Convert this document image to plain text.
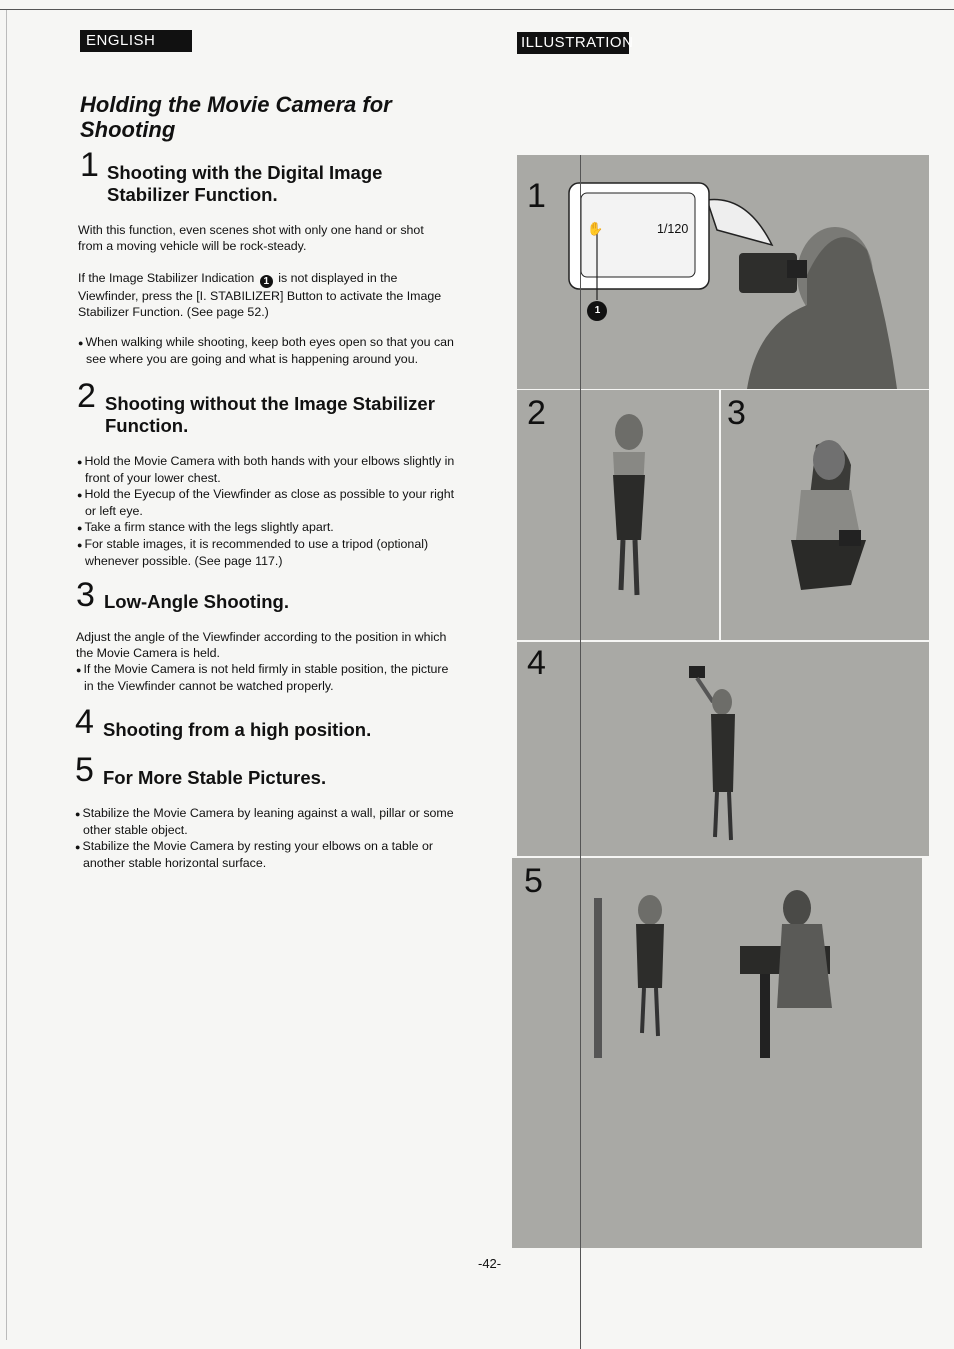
ENGLISH	ILLUSTRATION
Holding the Movie Camera for
Shooting
1 Shooting with the Digital Image
Stabilizer Function.
With this function, even scenes shot with only one hand or shot from a moving vehicle will be rock-steady.
If the Image Stabilizer Indication 1 is not displayed in the Viewfinder, press the [I. STABILIZER] Button to activate the Image Stabilizer Function. (See page 52.)
● When walking while shooting, keep both eyes open so that you can see where you are going and what is happening around you.
2 Shooting without the Image Stabilizer
Function.
● Hold the Movie Camera with both hands with your elbows slightly in front of your lower chest.
● Hold the Eyecup of the Viewfinder as close as possible to your right or left eye.
● Take a firm stance with the legs slightly apart.
● For stable images, it is recommended to use a tripod (optional) whenever possible. (See page 117.)
3 Low-Angle Shooting.
Adjust the angle of the Viewfinder according to the position in which the Movie Camera is held.
● If the Movie Camera is not held firmly in stable position, the picture in the Viewfinder cannot be watched properly.
4 Shooting from a high position.
5 For More Stable Pictures.
● Stabilize the Movie Camera by leaning against a wall, pillar or some other stable object.
● Stabilize the Movie Camera by resting your elbows on a table or another stable horizontal surface.
1
✋	1/120
1
2	3
4
5
-42-
